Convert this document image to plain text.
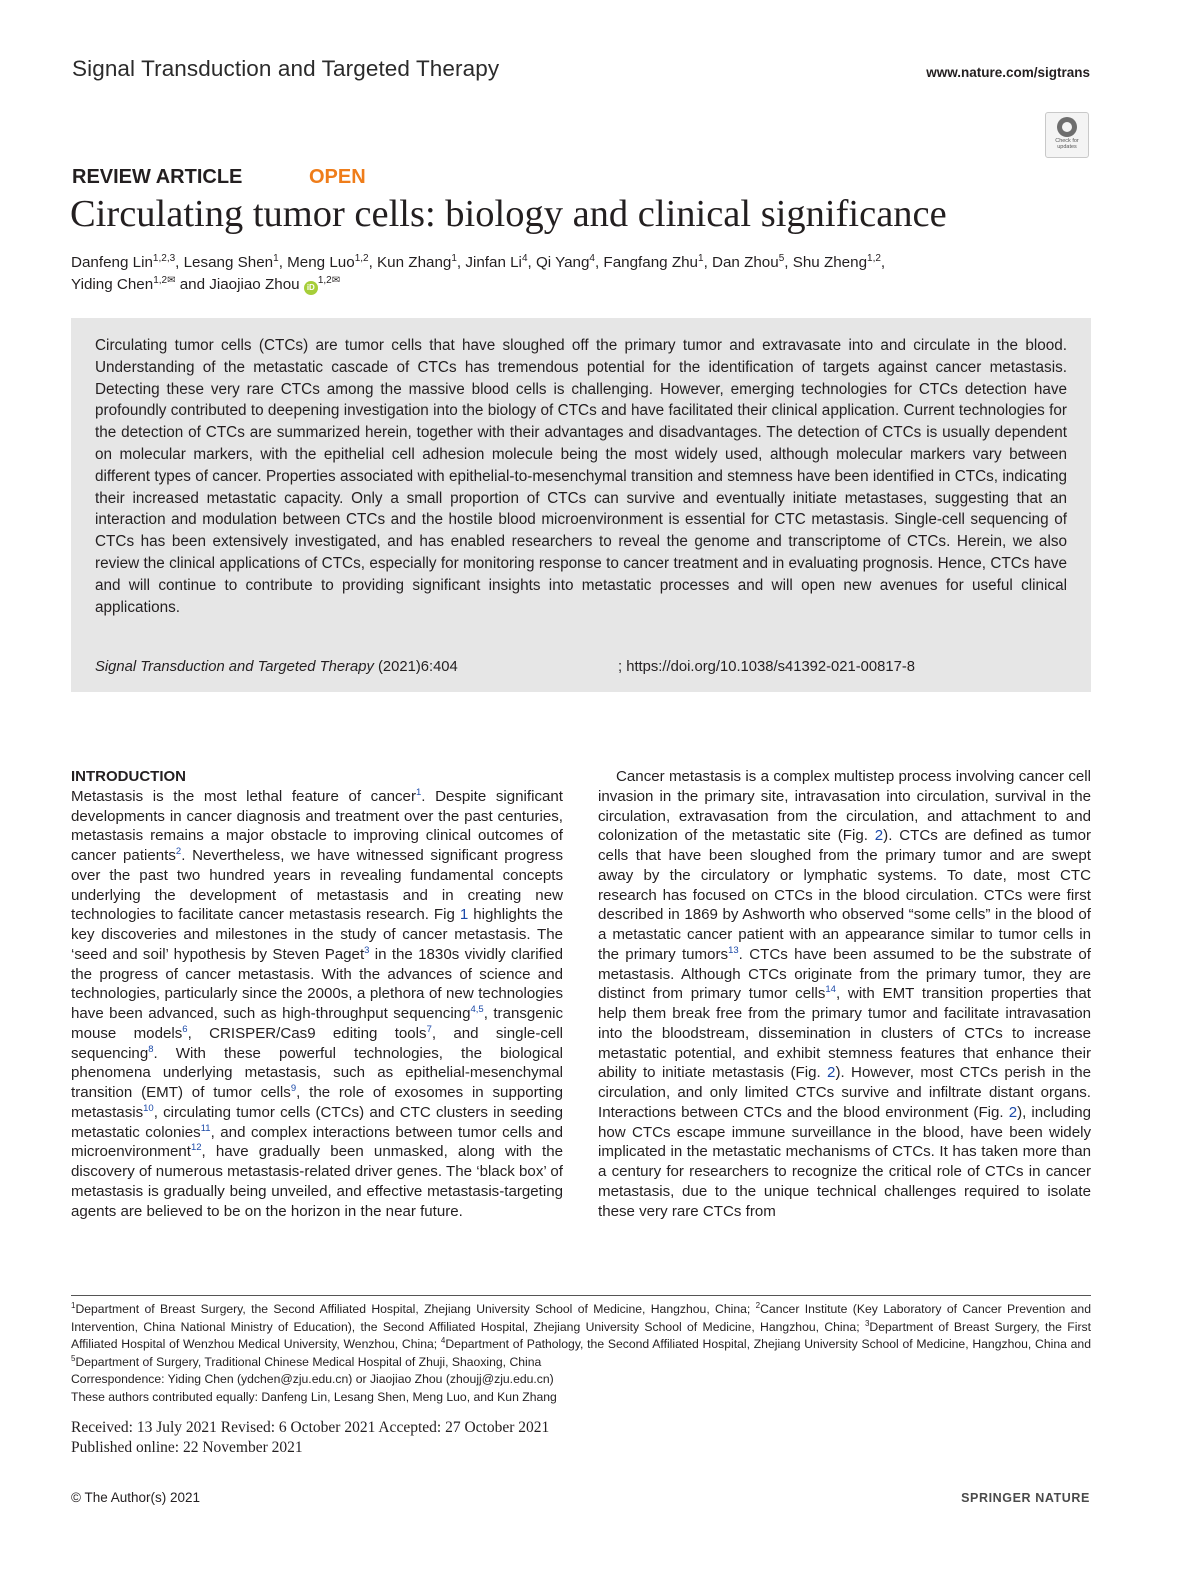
Signal Transduction and Targeted Therapy	www.nature.com/sigtrans
Check for updates
REVIEW ARTICLE	OPEN
Circulating tumor cells: biology and clinical significance
Danfeng Lin$^{1,2,3}$, Lesang Shen$^1$, Meng Luo$^{1,2}$, Kun Zhang$^1$, Jinfan Li$^4$, Qi Yang$^4$, Fangfang Zhu$^1$, Dan Zhou$^5$, Shu Zheng$^{1,2}$,
Yiding Chen$^{1,2✉}$ and Jiaojiao Zhou $iD^{1,2✉}$
Circulating tumor cells (CTCs) are tumor cells that have sloughed off the primary tumor and extravasate into and circulate in the blood. Understanding of the metastatic cascade of CTCs has tremendous potential for the identification of targets against cancer metastasis. Detecting these very rare CTCs among the massive blood cells is challenging. However, emerging technologies for CTCs detection have profoundly contributed to deepening investigation into the biology of CTCs and have facilitated their clinical application. Current technologies for the detection of CTCs are summarized herein, together with their advantages and disadvantages. The detection of CTCs is usually dependent on molecular markers, with the epithelial cell adhesion molecule being the most widely used, although molecular markers vary between different types of cancer. Properties associated with epithelial-to-mesenchymal transition and stemness have been identified in CTCs, indicating their increased metastatic capacity. Only a small proportion of CTCs can survive and eventually initiate metastases, suggesting that an interaction and modulation between CTCs and the hostile blood microenvironment is essential for CTC metastasis. Single-cell sequencing of CTCs has been extensively investigated, and has enabled researchers to reveal the genome and transcriptome of CTCs. Herein, we also review the clinical applications of CTCs, especially for monitoring response to cancer treatment and in evaluating prognosis. Hence, CTCs have and will continue to contribute to providing significant insights into metastatic processes and will open new avenues for useful clinical applications.
Signal Transduction and Targeted Therapy (2021)6:404	; https://doi.org/10.1038/s41392-021-00817-8
INTRODUCTION
Metastasis is the most lethal feature of cancer$^1$. Despite significant developments in cancer diagnosis and treatment over the past centuries, metastasis remains a major obstacle to improving clinical outcomes of cancer patients$^2$. Nevertheless, we have witnessed significant progress over the past two hundred years in revealing fundamental concepts underlying the development of metastasis and in creating new technologies to facilitate cancer metastasis research. Fig 1 highlights the key discoveries and milestones in the study of cancer metastasis. The ‘seed and soil’ hypothesis by Steven Paget$^3$ in the 1830s vividly clarified the progress of cancer metastasis. With the advances of science and technologies, particularly since the 2000s, a plethora of new technologies have been advanced, such as high-throughput sequencing$^{4,5}$, transgenic mouse models$^6$, CRISPER/Cas9 editing tools$^7$, and single-cell sequencing$^8$. With these powerful technologies, the biological phenomena underlying metastasis, such as epithelial-mesenchymal transition (EMT) of tumor cells$^9$, the role of exosomes in supporting metastasis$^{10}$, circulating tumor cells (CTCs) and CTC clusters in seeding metastatic colonies$^{11}$, and complex interactions between tumor cells and microenvironment$^{12}$, have gradually been unmasked, along with the discovery of numerous metastasis-related driver genes. The ‘black box’ of metastasis is gradually being unveiled, and effective metastasis-targeting agents are believed to be on the horizon in the near future.
Cancer metastasis is a complex multistep process involving cancer cell invasion in the primary site, intravasation into circulation, survival in the circulation, extravasation from the circulation, and attachment to and colonization of the metastatic site (Fig. 2). CTCs are defined as tumor cells that have been sloughed from the primary tumor and are swept away by the circulatory or lymphatic systems. To date, most CTC research has focused on CTCs in the blood circulation. CTCs were first described in 1869 by Ashworth who observed “some cells” in the blood of a metastatic cancer patient with an appearance similar to tumor cells in the primary tumors$^{13}$. CTCs have been assumed to be the substrate of metastasis. Although CTCs originate from the primary tumor, they are distinct from primary tumor cells$^{14}$, with EMT transition properties that help them break free from the primary tumor and facilitate intravasation into the bloodstream, dissemination in clusters of CTCs to increase metastatic potential, and exhibit stemness features that enhance their ability to initiate metastasis (Fig. 2). However, most CTCs perish in the circulation, and only limited CTCs survive and infiltrate distant organs. Interactions between CTCs and the blood environment (Fig. 2), including how CTCs escape immune surveillance in the blood, have been widely implicated in the metastatic mechanisms of CTCs. It has taken more than a century for researchers to recognize the critical role of CTCs in cancer metastasis, due to the unique technical challenges required to isolate these very rare CTCs from
$^1$Department of Breast Surgery, the Second Affiliated Hospital, Zhejiang University School of Medicine, Hangzhou, China; $^2$Cancer Institute (Key Laboratory of Cancer Prevention and Intervention, China National Ministry of Education), the Second Affiliated Hospital, Zhejiang University School of Medicine, Hangzhou, China; $^3$Department of Breast Surgery, the First Affiliated Hospital of Wenzhou Medical University, Wenzhou, China; $^4$Department of Pathology, the Second Affiliated Hospital, Zhejiang University School of Medicine, Hangzhou, China and $^5$Department of Surgery, Traditional Chinese Medical Hospital of Zhuji, Shaoxing, China
Correspondence: Yiding Chen (ydchen@zju.edu.cn) or Jiaojiao Zhou (zhoujj@zju.edu.cn)
These authors contributed equally: Danfeng Lin, Lesang Shen, Meng Luo, and Kun Zhang
Received: 13 July 2021 Revised: 6 October 2021 Accepted: 27 October 2021
Published online: 22 November 2021
© The Author(s) 2021	SPRINGER NATURE
